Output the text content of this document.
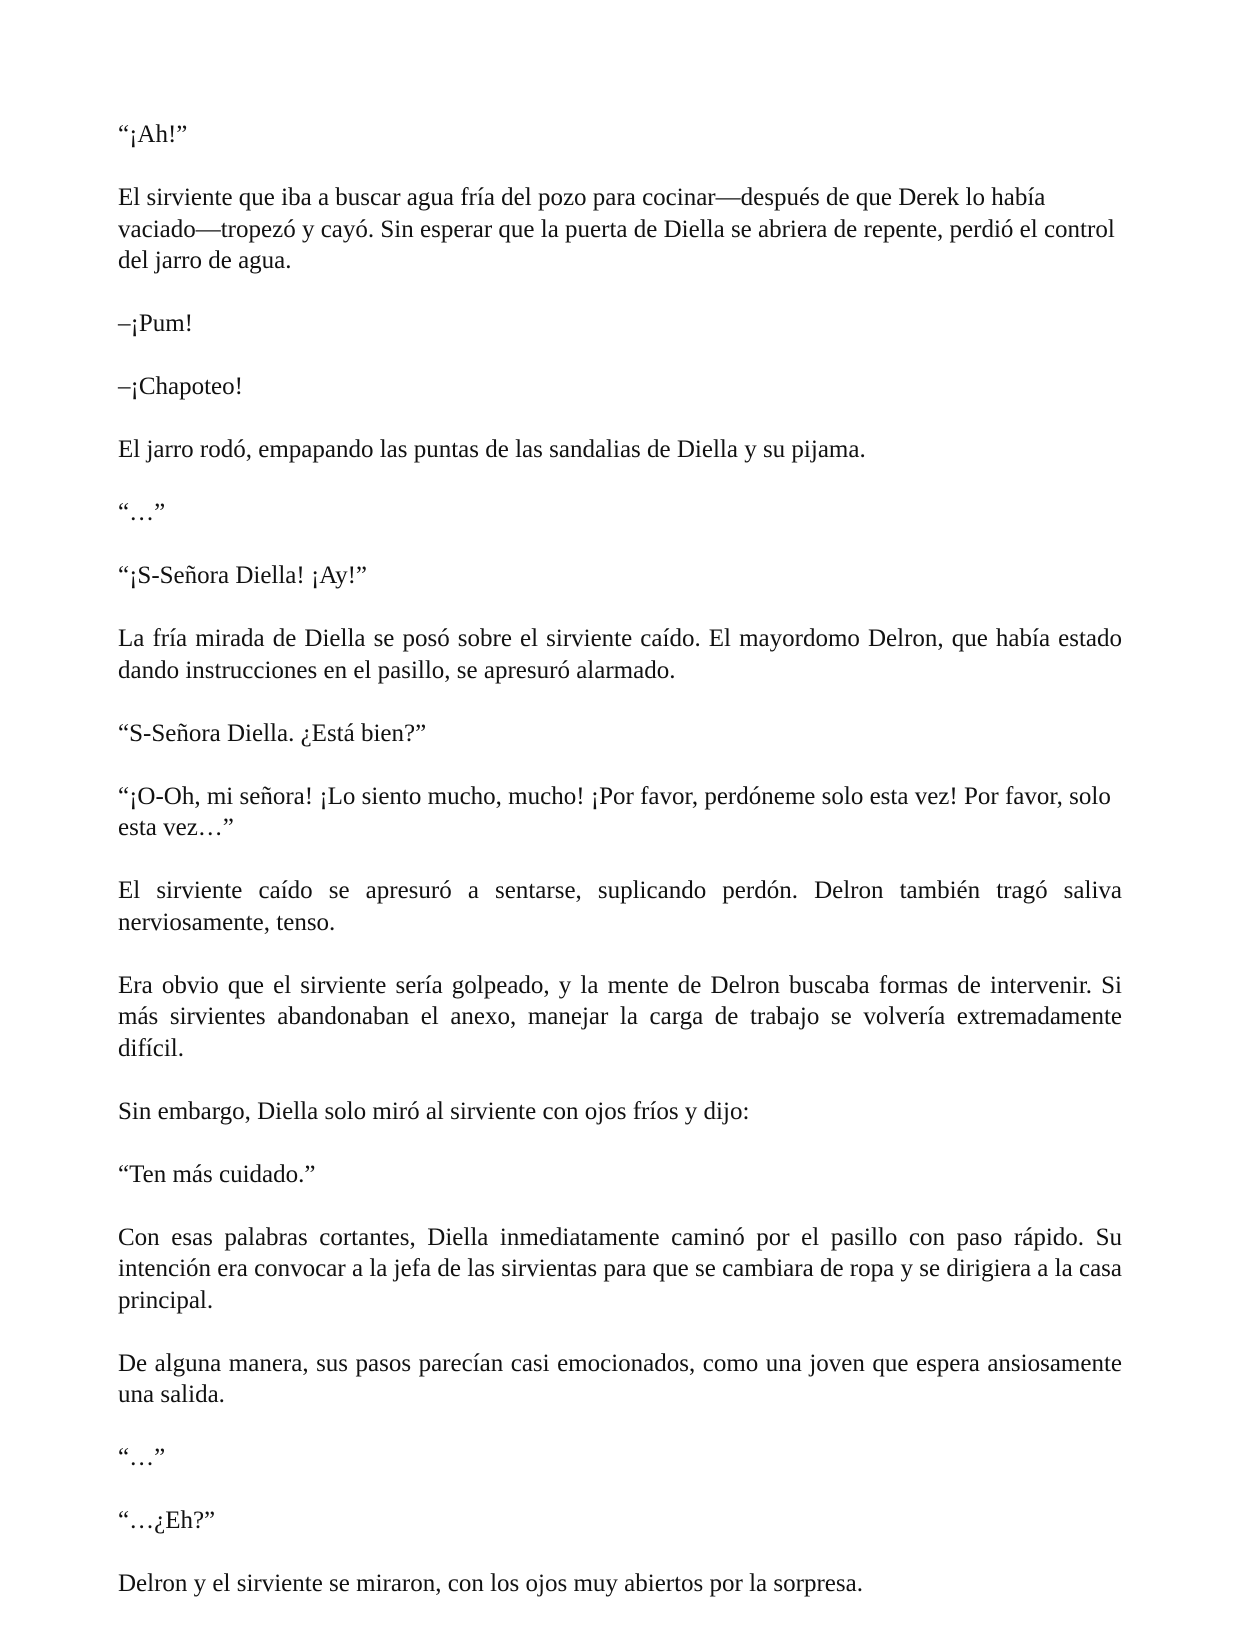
“¡Ah!”

El sirviente que iba a buscar agua fría del pozo para cocinar—después de que Derek lo había vaciado—tropezó y cayó. Sin esperar que la puerta de Diella se abriera de repente, perdió el control del jarro de agua.

–¡Pum!

–¡Chapoteo!

El jarro rodó, empapando las puntas de las sandalias de Diella y su pijama.

“…”

“¡S-Señora Diella! ¡Ay!”

La fría mirada de Diella se posó sobre el sirviente caído. El mayordomo Delron, que había estado dando instrucciones en el pasillo, se apresuró alarmado.

“S-Señora Diella. ¿Está bien?”

“¡O-Oh, mi señora! ¡Lo siento mucho, mucho! ¡Por favor, perdóneme solo esta vez! Por favor, solo esta vez…”

El sirviente caído se apresuró a sentarse, suplicando perdón. Delron también tragó saliva nerviosamente, tenso.

Era obvio que el sirviente sería golpeado, y la mente de Delron buscaba formas de intervenir. Si más sirvientes abandonaban el anexo, manejar la carga de trabajo se volvería extremadamente difícil.

Sin embargo, Diella solo miró al sirviente con ojos fríos y dijo:

“Ten más cuidado.”

Con esas palabras cortantes, Diella inmediatamente caminó por el pasillo con paso rápido. Su intención era convocar a la jefa de las sirvientas para que se cambiara de ropa y se dirigiera a la casa principal.

De alguna manera, sus pasos parecían casi emocionados, como una joven que espera ansiosamente una salida.

“…”

“…¿Eh?”

Delron y el sirviente se miraron, con los ojos muy abiertos por la sorpresa.
